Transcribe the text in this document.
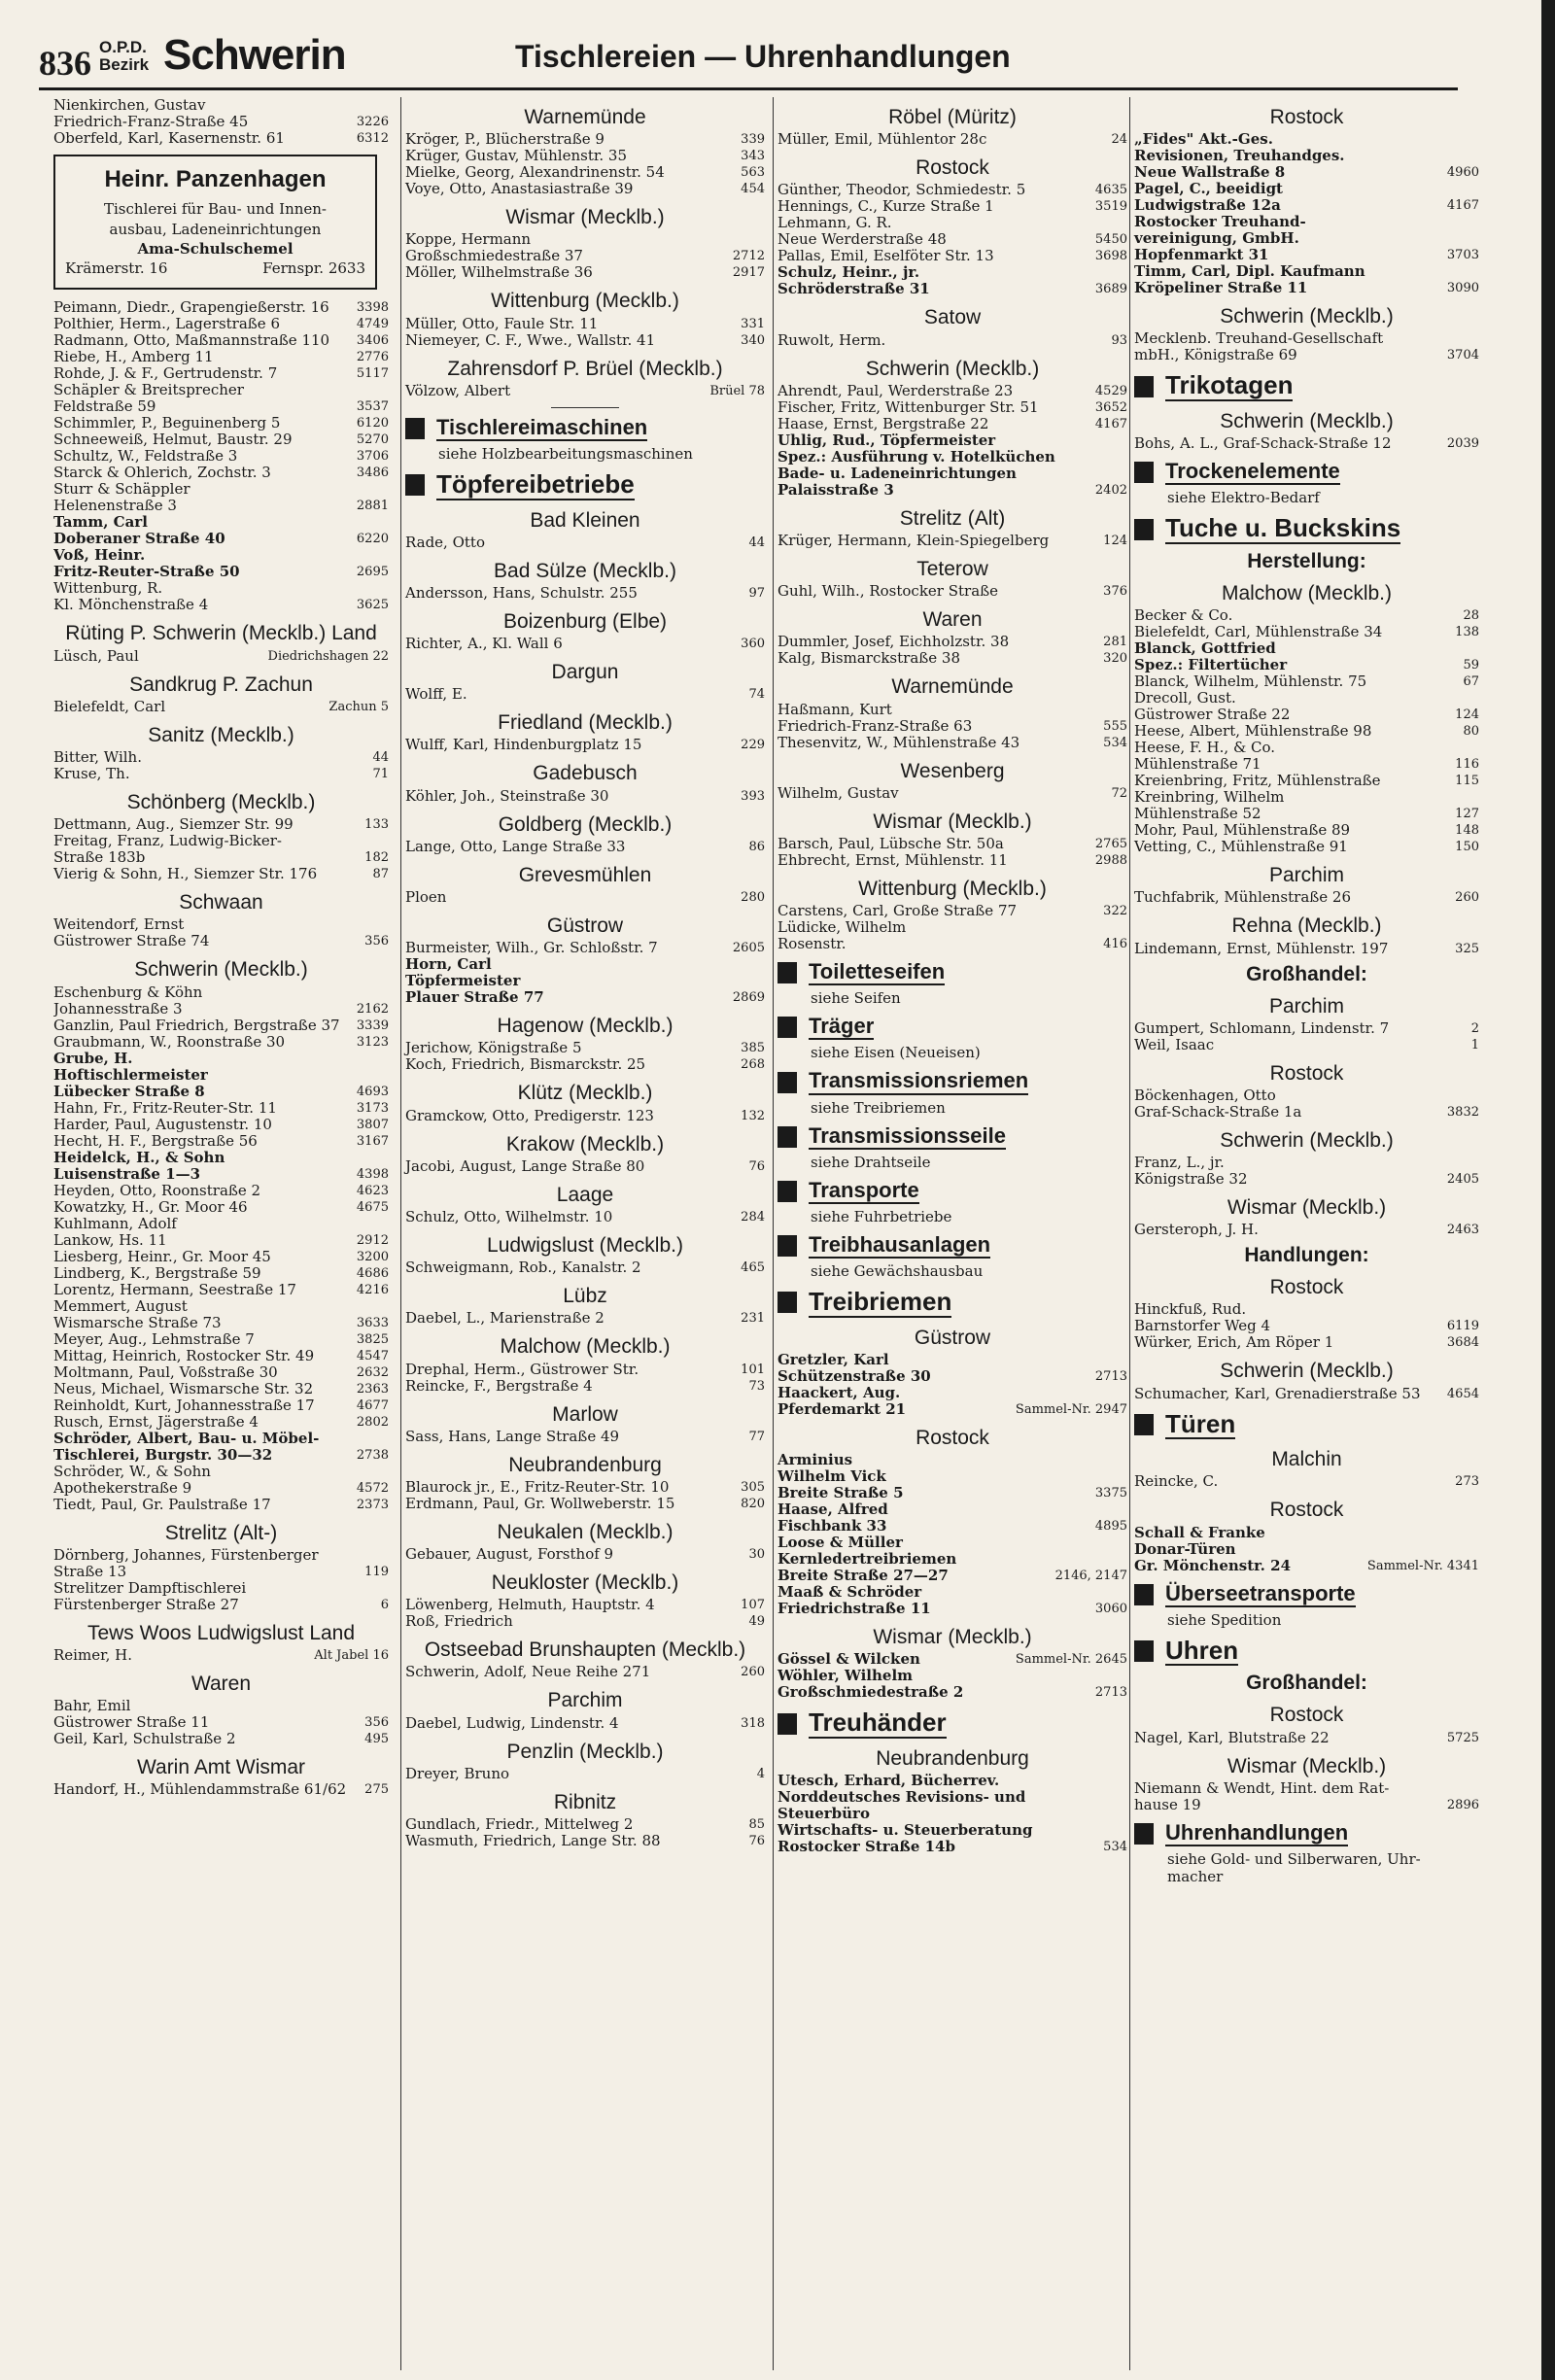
836 O.P.D.
Bezirk Schwerin	Tischlereien — Uhrenhandlungen
Nienkirchen, Gustav
Friedrich-Franz-Straße 45	3226
Oberfeld, Karl, Kasernenstr. 61	6312
Heinr. Panzenhagen
Tischlerei für Bau- und Innen-
ausbau, Ladeneinrichtungen
Ama-Schulschemel
Krämerstr. 16	Fernspr. 2633
Peimann, Diedr., Grapengießerstr. 16	3398
Polthier, Herm., Lagerstraße 6	4749
Radmann, Otto, Maßmannstraße 110	3406
Riebe, H., Amberg 11	2776
Rohde, J. & F., Gertrudenstr. 7	5117
Schäpler & Breitsprecher
Feldstraße 59	3537
Schimmler, P., Beguinenberg 5	6120
Schneeweiß, Helmut, Baustr. 29	5270
Schultz, W., Feldstraße 3	3706
Starck & Ohlerich, Zochstr. 3	3486
Sturr & Schäppler
Helenenstraße 3	2881
Tamm, Carl
Doberaner Straße 40	6220
Voß, Heinr.
Fritz-Reuter-Straße 50	2695
Wittenburg, R.
Kl. Mönchenstraße 4	3625
Rüting P. Schwerin (Mecklb.) Land
Lüsch, Paul	Diedrichshagen 22
Sandkrug P. Zachun
Bielefeldt, Carl	Zachun 5
Sanitz (Mecklb.)
Bitter, Wilh.	44
Kruse, Th.	71
Schönberg (Mecklb.)
Dettmann, Aug., Siemzer Str. 99	133
Freitag, Franz, Ludwig-Bicker-
Straße 183b	182
Vierig & Sohn, H., Siemzer Str. 176	87
Schwaan
Weitendorf, Ernst
Güstrower Straße 74	356
Schwerin (Mecklb.)
Eschenburg & Köhn
Johannesstraße 3	2162
Ganzlin, Paul Friedrich, Bergstraße 37	3339
Graubmann, W., Roonstraße 30	3123
Grube, H.
Hoftischlermeister
Lübecker Straße 8	4693
Hahn, Fr., Fritz-Reuter-Str. 11	3173
Harder, Paul, Augustenstr. 10	3807
Hecht, H. F., Bergstraße 56	3167
Heidelck, H., & Sohn
Luisenstraße 1—3	4398
Heyden, Otto, Roonstraße 2	4623
Kowatzky, H., Gr. Moor 46	4675
Kuhlmann, Adolf
Lankow, Hs. 11	2912
Liesberg, Heinr., Gr. Moor 45	3200
Lindberg, K., Bergstraße 59	4686
Lorentz, Hermann, Seestraße 17	4216
Memmert, August
Wismarsche Straße 73	3633
Meyer, Aug., Lehmstraße 7	3825
Mittag, Heinrich, Rostocker Str. 49	4547
Moltmann, Paul, Voßstraße 30	2632
Neus, Michael, Wismarsche Str. 32	2363
Reinholdt, Kurt, Johannesstraße 17	4677
Rusch, Ernst, Jägerstraße 4	2802
Schröder, Albert, Bau- u. Möbel-
Tischlerei, Burgstr. 30—32	2738
Schröder, W., & Sohn
Apothekerstraße 9	4572
Tiedt, Paul, Gr. Paulstraße 17	2373
Strelitz (Alt-)
Dörnberg, Johannes, Fürstenberger
Straße 13	119
Strelitzer Dampftischlerei
Fürstenberger Straße 27	6
Tews Woos Ludwigslust Land
Reimer, H.	Alt Jabel 16
Waren
Bahr, Emil
Güstrower Straße 11	356
Geil, Karl, Schulstraße 2	495
Warin Amt Wismar
Handorf, H., Mühlendammstraße 61/62	275
Warnemünde
Kröger, P., Blücherstraße 9	339
Krüger, Gustav, Mühlenstr. 35	343
Mielke, Georg, Alexandrinenstr. 54	563
Voye, Otto, Anastasiastraße 39	454
Wismar (Mecklb.)
Koppe, Hermann
Großschmiedestraße 37	2712
Möller, Wilhelmstraße 36	2917
Wittenburg (Mecklb.)
Müller, Otto, Faule Str. 11	331
Niemeyer, C. F., Wwe., Wallstr. 41	340
Zahrensdorf P. Brüel (Mecklb.)
Völzow, Albert	Brüel 78
Tischlereimaschinen
siehe Holzbearbeitungsmaschinen
Töpfereibetriebe
Bad Kleinen
Rade, Otto	44
Bad Sülze (Mecklb.)
Andersson, Hans, Schulstr. 255	97
Boizenburg (Elbe)
Richter, A., Kl. Wall 6	360
Dargun
Wolff, E.	74
Friedland (Mecklb.)
Wulff, Karl, Hindenburgplatz 15	229
Gadebusch
Köhler, Joh., Steinstraße 30	393
Goldberg (Mecklb.)
Lange, Otto, Lange Straße 33	86
Grevesmühlen
Ploen	280
Güstrow
Burmeister, Wilh., Gr. Schloßstr. 7	2605
Horn, Carl
Töpfermeister
Plauer Straße 77	2869
Hagenow (Mecklb.)
Jerichow, Königstraße 5	385
Koch, Friedrich, Bismarckstr. 25	268
Klütz (Mecklb.)
Gramckow, Otto, Predigerstr. 123	132
Krakow (Mecklb.)
Jacobi, August, Lange Straße 80	76
Laage
Schulz, Otto, Wilhelmstr. 10	284
Ludwigslust (Mecklb.)
Schweigmann, Rob., Kanalstr. 2	465
Lübz
Daebel, L., Marienstraße 2	231
Malchow (Mecklb.)
Drephal, Herm., Güstrower Str.	101
Reincke, F., Bergstraße 4	73
Marlow
Sass, Hans, Lange Straße 49	77
Neubrandenburg
Blaurock jr., E., Fritz-Reuter-Str. 10	305
Erdmann, Paul, Gr. Wollweberstr. 15	820
Neukalen (Mecklb.)
Gebauer, August, Forsthof 9	30
Neukloster (Mecklb.)
Löwenberg, Helmuth, Hauptstr. 4	107
Roß, Friedrich	49
Ostseebad Brunshaupten (Mecklb.)
Schwerin, Adolf, Neue Reihe 271	260
Parchim
Daebel, Ludwig, Lindenstr. 4	318
Penzlin (Mecklb.)
Dreyer, Bruno	4
Ribnitz
Gundlach, Friedr., Mittelweg 2	85
Wasmuth, Friedrich, Lange Str. 88	76
Röbel (Müritz)
Müller, Emil, Mühlentor 28c	24
Rostock
Günther, Theodor, Schmiedestr. 5	4635
Hennings, C., Kurze Straße 1	3519
Lehmann, G. R.
Neue Werderstraße 48	5450
Pallas, Emil, Eselföter Str. 13	3698
Schulz, Heinr., jr.
Schröderstraße 31	3689
Satow
Ruwolt, Herm.	93
Schwerin (Mecklb.)
Ahrendt, Paul, Werderstraße 23	4529
Fischer, Fritz, Wittenburger Str. 51	3652
Haase, Ernst, Bergstraße 22	4167
Uhlig, Rud., Töpfermeister
Spez.: Ausführung v. Hotelküchen
Bade- u. Ladeneinrichtungen
Palaisstraße 3	2402
Strelitz (Alt)
Krüger, Hermann, Klein-Spiegelberg	124
Teterow
Guhl, Wilh., Rostocker Straße	376
Waren
Dummler, Josef, Eichholzstr. 38	281
Kalg, Bismarckstraße 38	320
Warnemünde
Haßmann, Kurt
Friedrich-Franz-Straße 63	555
Thesenvitz, W., Mühlenstraße 43	534
Wesenberg
Wilhelm, Gustav	72
Wismar (Mecklb.)
Barsch, Paul, Lübsche Str. 50a	2765
Ehbrecht, Ernst, Mühlenstr. 11	2988
Wittenburg (Mecklb.)
Carstens, Carl, Große Straße 77	322
Lüdicke, Wilhelm
Rosenstr.	416
Toiletteseifen
siehe Seifen
Träger
siehe Eisen (Neueisen)
Transmissionsriemen
siehe Treibriemen
Transmissionsseile
siehe Drahtseile
Transporte
siehe Fuhrbetriebe
Treibhausanlagen
siehe Gewächshausbau
Treibriemen
Güstrow
Gretzler, Karl
Schützenstraße 30	2713
Haackert, Aug.
Pferdemarkt 21	Sammel-Nr. 2947
Rostock
Arminius
Wilhelm Vick
Breite Straße 5	3375
Haase, Alfred
Fischbank 33	4895
Loose & Müller
Kernledertreibriemen
Breite Straße 27—27	2146, 2147
Maaß & Schröder
Friedrichstraße 11	3060
Wismar (Mecklb.)
Gössel & Wilcken	Sammel-Nr. 2645
Wöhler, Wilhelm
Großschmiedestraße 2	2713
Treuhänder
Neubrandenburg
Utesch, Erhard, Bücherrev.
Norddeutsches Revisions- und
Steuerbüro
Wirtschafts- u. Steuerberatung
Rostocker Straße 14b	534
Rostock
„Fides" Akt.-Ges.
Revisionen, Treuhandges.
Neue Wallstraße 8	4960
Pagel, C., beeidigt
Ludwigstraße 12a	4167
Rostocker Treuhand-
vereinigung, GmbH.
Hopfenmarkt 31	3703
Timm, Carl, Dipl. Kaufmann
Kröpeliner Straße 11	3090
Schwerin (Mecklb.)
Mecklenb. Treuhand-Gesellschaft
mbH., Königstraße 69	3704
Trikotagen
Schwerin (Mecklb.)
Bohs, A. L., Graf-Schack-Straße 12	2039
Trockenelemente
siehe Elektro-Bedarf
Tuche u. Buckskins
Herstellung:
Malchow (Mecklb.)
Becker & Co.	28
Bielefeldt, Carl, Mühlenstraße 34	138
Blanck, Gottfried
Spez.: Filtertücher	59
Blanck, Wilhelm, Mühlenstr. 75	67
Drecoll, Gust.
Güstrower Straße 22	124
Heese, Albert, Mühlenstraße 98	80
Heese, F. H., & Co.
Mühlenstraße 71	116
Kreienbring, Fritz, Mühlenstraße	115
Kreinbring, Wilhelm
Mühlenstraße 52	127
Mohr, Paul, Mühlenstraße 89	148
Vetting, C., Mühlenstraße 91	150
Parchim
Tuchfabrik, Mühlenstraße 26	260
Rehna (Mecklb.)
Lindemann, Ernst, Mühlenstr. 197	325
Großhandel:
Parchim
Gumpert, Schlomann, Lindenstr. 7	2
Weil, Isaac	1
Rostock
Böckenhagen, Otto
Graf-Schack-Straße 1a	3832
Schwerin (Mecklb.)
Franz, L., jr.
Königstraße 32	2405
Wismar (Mecklb.)
Gersteroph, J. H.	2463
Handlungen:
Rostock
Hinckfuß, Rud.
Barnstorfer Weg 4	6119
Würker, Erich, Am Röper 1	3684
Schwerin (Mecklb.)
Schumacher, Karl, Grenadierstraße 53	4654
Türen
Malchin
Reincke, C.	273
Rostock
Schall & Franke
Donar-Türen
Gr. Mönchenstr. 24	Sammel-Nr. 4341
Überseetransporte
siehe Spedition
Uhren
Großhandel:
Rostock
Nagel, Karl, Blutstraße 22	5725
Wismar (Mecklb.)
Niemann & Wendt, Hint. dem Rat-
hause 19	2896
Uhrenhandlungen
siehe Gold- und Silberwaren, Uhr-
macher
